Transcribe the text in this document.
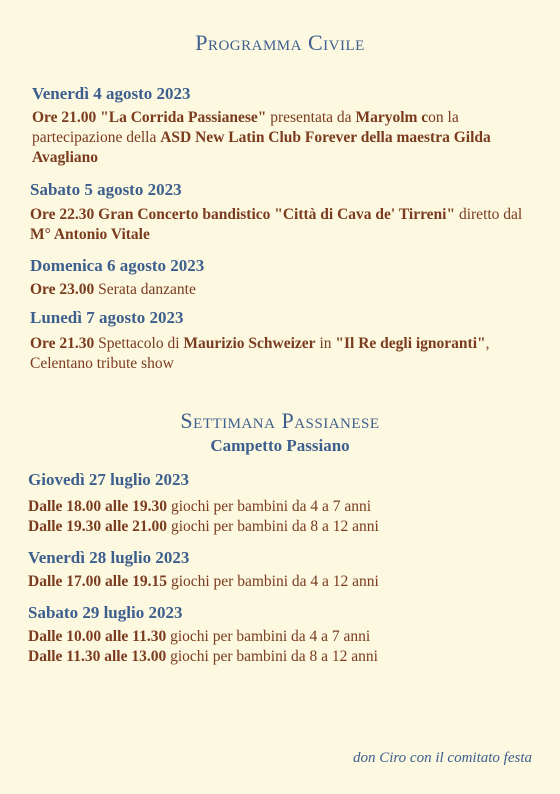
Programma Civile
Venerdì 4 agosto 2023
Ore 21.00 "La Corrida Passianese" presentata da Maryolm con la partecipazione della ASD New Latin Club Forever della maestra Gilda Avagliano
Sabato 5 agosto 2023
Ore 22.30 Gran Concerto bandistico "Città di Cava de' Tirreni" diretto dal M° Antonio Vitale
Domenica 6 agosto 2023
Ore 23.00 Serata danzante
Lunedì 7 agosto 2023
Ore 21.30 Spettacolo di Maurizio Schweizer in "Il Re degli ignoranti", Celentano tribute show
Settimana Passianese
Campetto Passiano
Giovedì 27 luglio 2023
Dalle 18.00 alle 19.30 giochi per bambini da 4 a 7 anni
Dalle 19.30 alle 21.00 giochi per bambini da 8 a 12 anni
Venerdì 28 luglio 2023
Dalle 17.00 alle 19.15 giochi per bambini da 4 a 12 anni
Sabato 29 luglio 2023
Dalle 10.00 alle 11.30 giochi per bambini da 4 a 7 anni
Dalle 11.30 alle 13.00 giochi per bambini da 8 a 12 anni
don Ciro con il comitato festa
